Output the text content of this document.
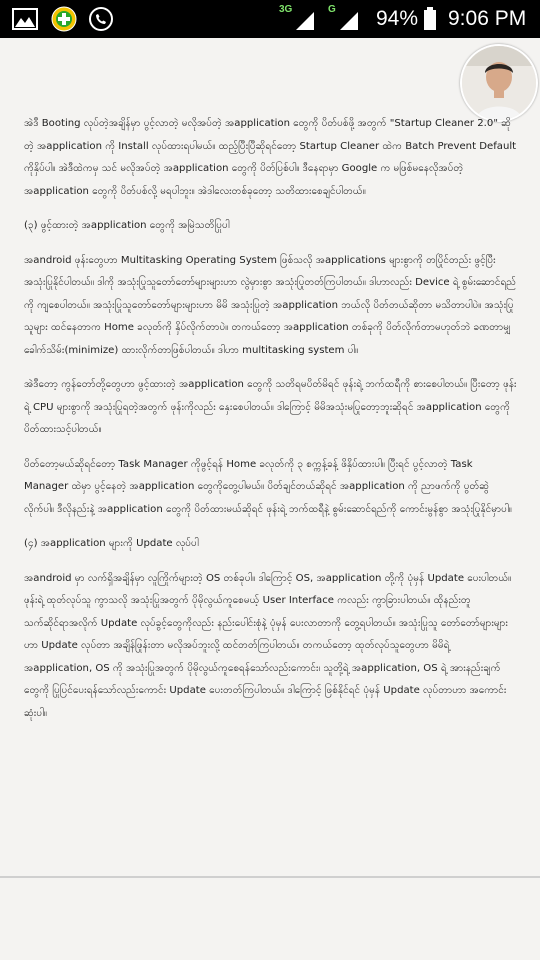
3G	G 94% 9:06 PM

အဲဒီ Booting လုပ်တဲ့အချိန်မှာ ပွင့်လာတဲ့ မလိုအပ်တဲ့ အapplication တွေကို ပိတ်ပစ်ဖို့ အတွက် "Startup Cleaner 2.0" ဆိုတဲ့ အapplication ကို Install လုပ်ထားရပါမယ်။ ထည့်ပြီးပြီဆိုရင်တော့ Startup Cleaner ထဲက Batch Prevent Default ကိုနှိပ်ပါ။ အဲဒီထဲကမှ သင် မလိုအပ်တဲ့ အapplication တွေကို ပိတ်ပြစ်ပါ။ ဒီနေရာမှာ Google က မဖြစ်မနေလိုအပ်တဲ့ အapplication တွေကို ပိတ်ပစ်လို့ မရပါဘူး။ အဲဒါလေးတစ်ခုတော့ သတိထားစေချင်ပါတယ်။

(၃) ဖွင့်ထားတဲ့ အapplication တွေကို အမြဲသတိပြုပါ

အandroid ဖုန်းတွေဟာ Multitasking Operating System ဖြစ်သလို အapplications များစွာကို တပြိုင်တည်း ဖွင့်ပြီး အသုံးပြုနိုင်ပါတယ်။ ဒါကို အသုံးပြုသူတော်တော်များများဟာ လွဲမှားစွာ အသုံးပြုတတ်ကြပါတယ်။ ဒါဟာလည်း Device ရဲ့ စွမ်းဆောင်ရည်ကို ကျစေပါတယ်။ အသုံးပြုသူတော်တော်များများဟာ မိမိ အသုံးပြုတဲ့ အapplication ဘယ်လို ပိတ်တယ်ဆိုတာ မသိတာပါပဲ။ အသုံးပြုသူများ ထင်နေတာက Home ခလုတ်ကို နှိပ်လိုက်တာပဲ။ တကယ်တော့ အapplication တစ်ခုကို ပိတ်လိုက်တာမဟုတ်ဘဲ ခဏတာမျှ ခေါက်သိမ်း(minimize) ထားလိုက်တာဖြစ်ပါတယ်။ ဒါဟာ multitasking system ပါ။

အဲဒီတော့ ကွန်တော်တို့တွေဟာ ဖွင့်ထားတဲ့ အapplication တွေကို သတိရမပိတ်မိရင် ဖုန်းရဲ့ ဘက်ထရီကို စားစေပါတယ်။ ပြီးတော့ ဖုန်းရဲ့ CPU များစွာကို အသုံးပြုရတဲ့အတွက် ဖုန်းကိုလည်း နှေးစေပါတယ်။ ဒါကြောင့် မိမိအသုံးမပြုတော့ဘူးဆိုရင် အapplication တွေကို ပိတ်ထားသင့်ပါတယ်။

ပိတ်တော့မယ်ဆိုရင်တော့ Task Manager ကိုဖွင့်ရန် Home ခလုတ်ကို ၃ စက္ကန့်ခန့် ဖိနှိပ်ထားပါ။ ပြီးရင် ပွင့်လာတဲ့ Task Manager ထဲမှာ ပွင့်နေတဲ့ အapplication တွေကိုတွေ့ပါမယ်။ ပိတ်ချင်တယ်ဆိုရင် အapplication ကို ညာဖက်ကို ပွတ်ဆွဲလိုက်ပါ။ ဒီလိုနည်းနဲ့ အapplication တွေကို ပိတ်ထားမယ်ဆိုရင် ဖုန်းရဲ့ ဘက်ထရီနဲ့ စွမ်းဆောင်ရည်ကို ကောင်းမွန်စွာ အသုံးပြုနိုင်မှာပါ။

(၄) အapplication များကို Update လုပ်ပါ

အandroid မှာ လက်ရှိအချိန်မှာ လူကြိုက်များတဲ့ OS တစ်ခုပါ။ ဒါကြောင့် OS, အapplication တို့ကို ပုံမှန် Update ပေးပါတယ်။ ဖုန်းရဲ့ ထုတ်လုပ်သူ ကွာသလို အသုံးပြုအတွက် ပိုမိုလွယ်ကူစေမယ့် User Interface ကလည်း ကွာခြားပါတယ်။ ထိုနည်းတူ သက်ဆိုင်ရာအလိုက် Update လုပ်ခွင့်တွေကိုလည်း နည်းပေါင်းစုံနဲ့ ပုံမှန် ပေးလာတာကို တွေ့ရပါတယ်။ အသုံးပြုသူ တော်တော်များများဟာ Update လုပ်တာ အချိန်ဖြုန်းတာ မလိုအပ်ဘူးလို့ ထင်တတ်ကြပါတယ်။ တကယ်တော့ ထုတ်လုပ်သူတွေဟာ မိမိရဲ့ အapplication, OS ကို အသုံးပြုအတွက် ပိုမိုလွယ်ကူစေရန်သော်လည်းကောင်း၊ သူတို့ရဲ့ အapplication, OS ရဲ့ အားနည်းချက် တွေကို ပြုပြင်ပေးရန်သော်လည်းကောင်း Update ပေးတတ်ကြပါတယ်။ ဒါကြောင့် ဖြစ်နိုင်ရင် ပုံမှန် Update လုပ်တာဟာ အကောင်းဆုံးပါ။
